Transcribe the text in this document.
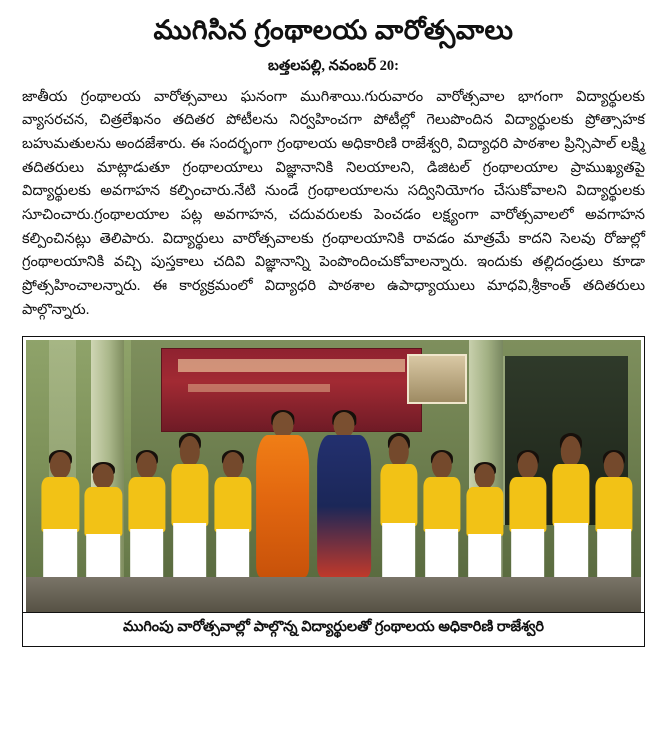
ముగిసిన గ్రంథాలయ వారోత్సవాలు
బత్తలపల్లి, నవంబర్ 20:
జాతీయ గ్రంథాలయ వారోత్సవాలు ఘనంగా ముగిశాయి.గురువారం వారోత్సవాల భాగంగా విద్యార్థులకు వ్యాసరచన, చిత్రలేఖనం తదితర పోటీలను నిర్వహించగా పోటీల్లో గెలుపొందిన విద్యార్థులకు ప్రోత్సాహక బహుమతులను అందజేశారు. ఈ సందర్భంగా గ్రంథాలయ అధికారిణి రాజేశ్వరి, విద్యాధరి పాఠశాల ప్రిన్సిపాల్ లక్ష్మి తదితరులు మాట్లాడుతూ గ్రంథాలయాలు విజ్ఞానానికి నిలయాలని, డిజిటల్ గ్రంథాలయాల ప్రాముఖ్యతపై విద్యార్థులకు అవగాహన కల్పించారు.నేటి నుండే గ్రంథాలయాలను సద్వినియోగం చేసుకోవాలని విద్యార్థులకు సూచించారు.గ్రంథాలయాల పట్ల అవగాహన, చదువరులకు పెంచడం లక్ష్యంగా వారోత్సవాలలో అవగాహన కల్పించినట్లు తెలిపారు. విద్యార్థులు వారోత్సవాలకు గ్రంథాలయానికి రావడం మాత్రమే కాదని సెలవు రోజుల్లో గ్రంథాలయానికి వచ్చి పుస్తకాలు చదివి విజ్ఞానాన్ని పెంపొందించుకోవాలన్నారు. ఇందుకు తల్లిదండ్రులు కూడా ప్రోత్సహించాలన్నారు. ఈ కార్యక్రమంలో విద్యాధరి పాఠశాల ఉపాధ్యాయులు మాధవి,శ్రీకాంత్ తదితరులు పాల్గొన్నారు.
ముగింపు వారోత్సవాల్లో పాల్గొన్న విద్యార్థులతో గ్రంథాలయ అధికారిణి రాజేశ్వరి
